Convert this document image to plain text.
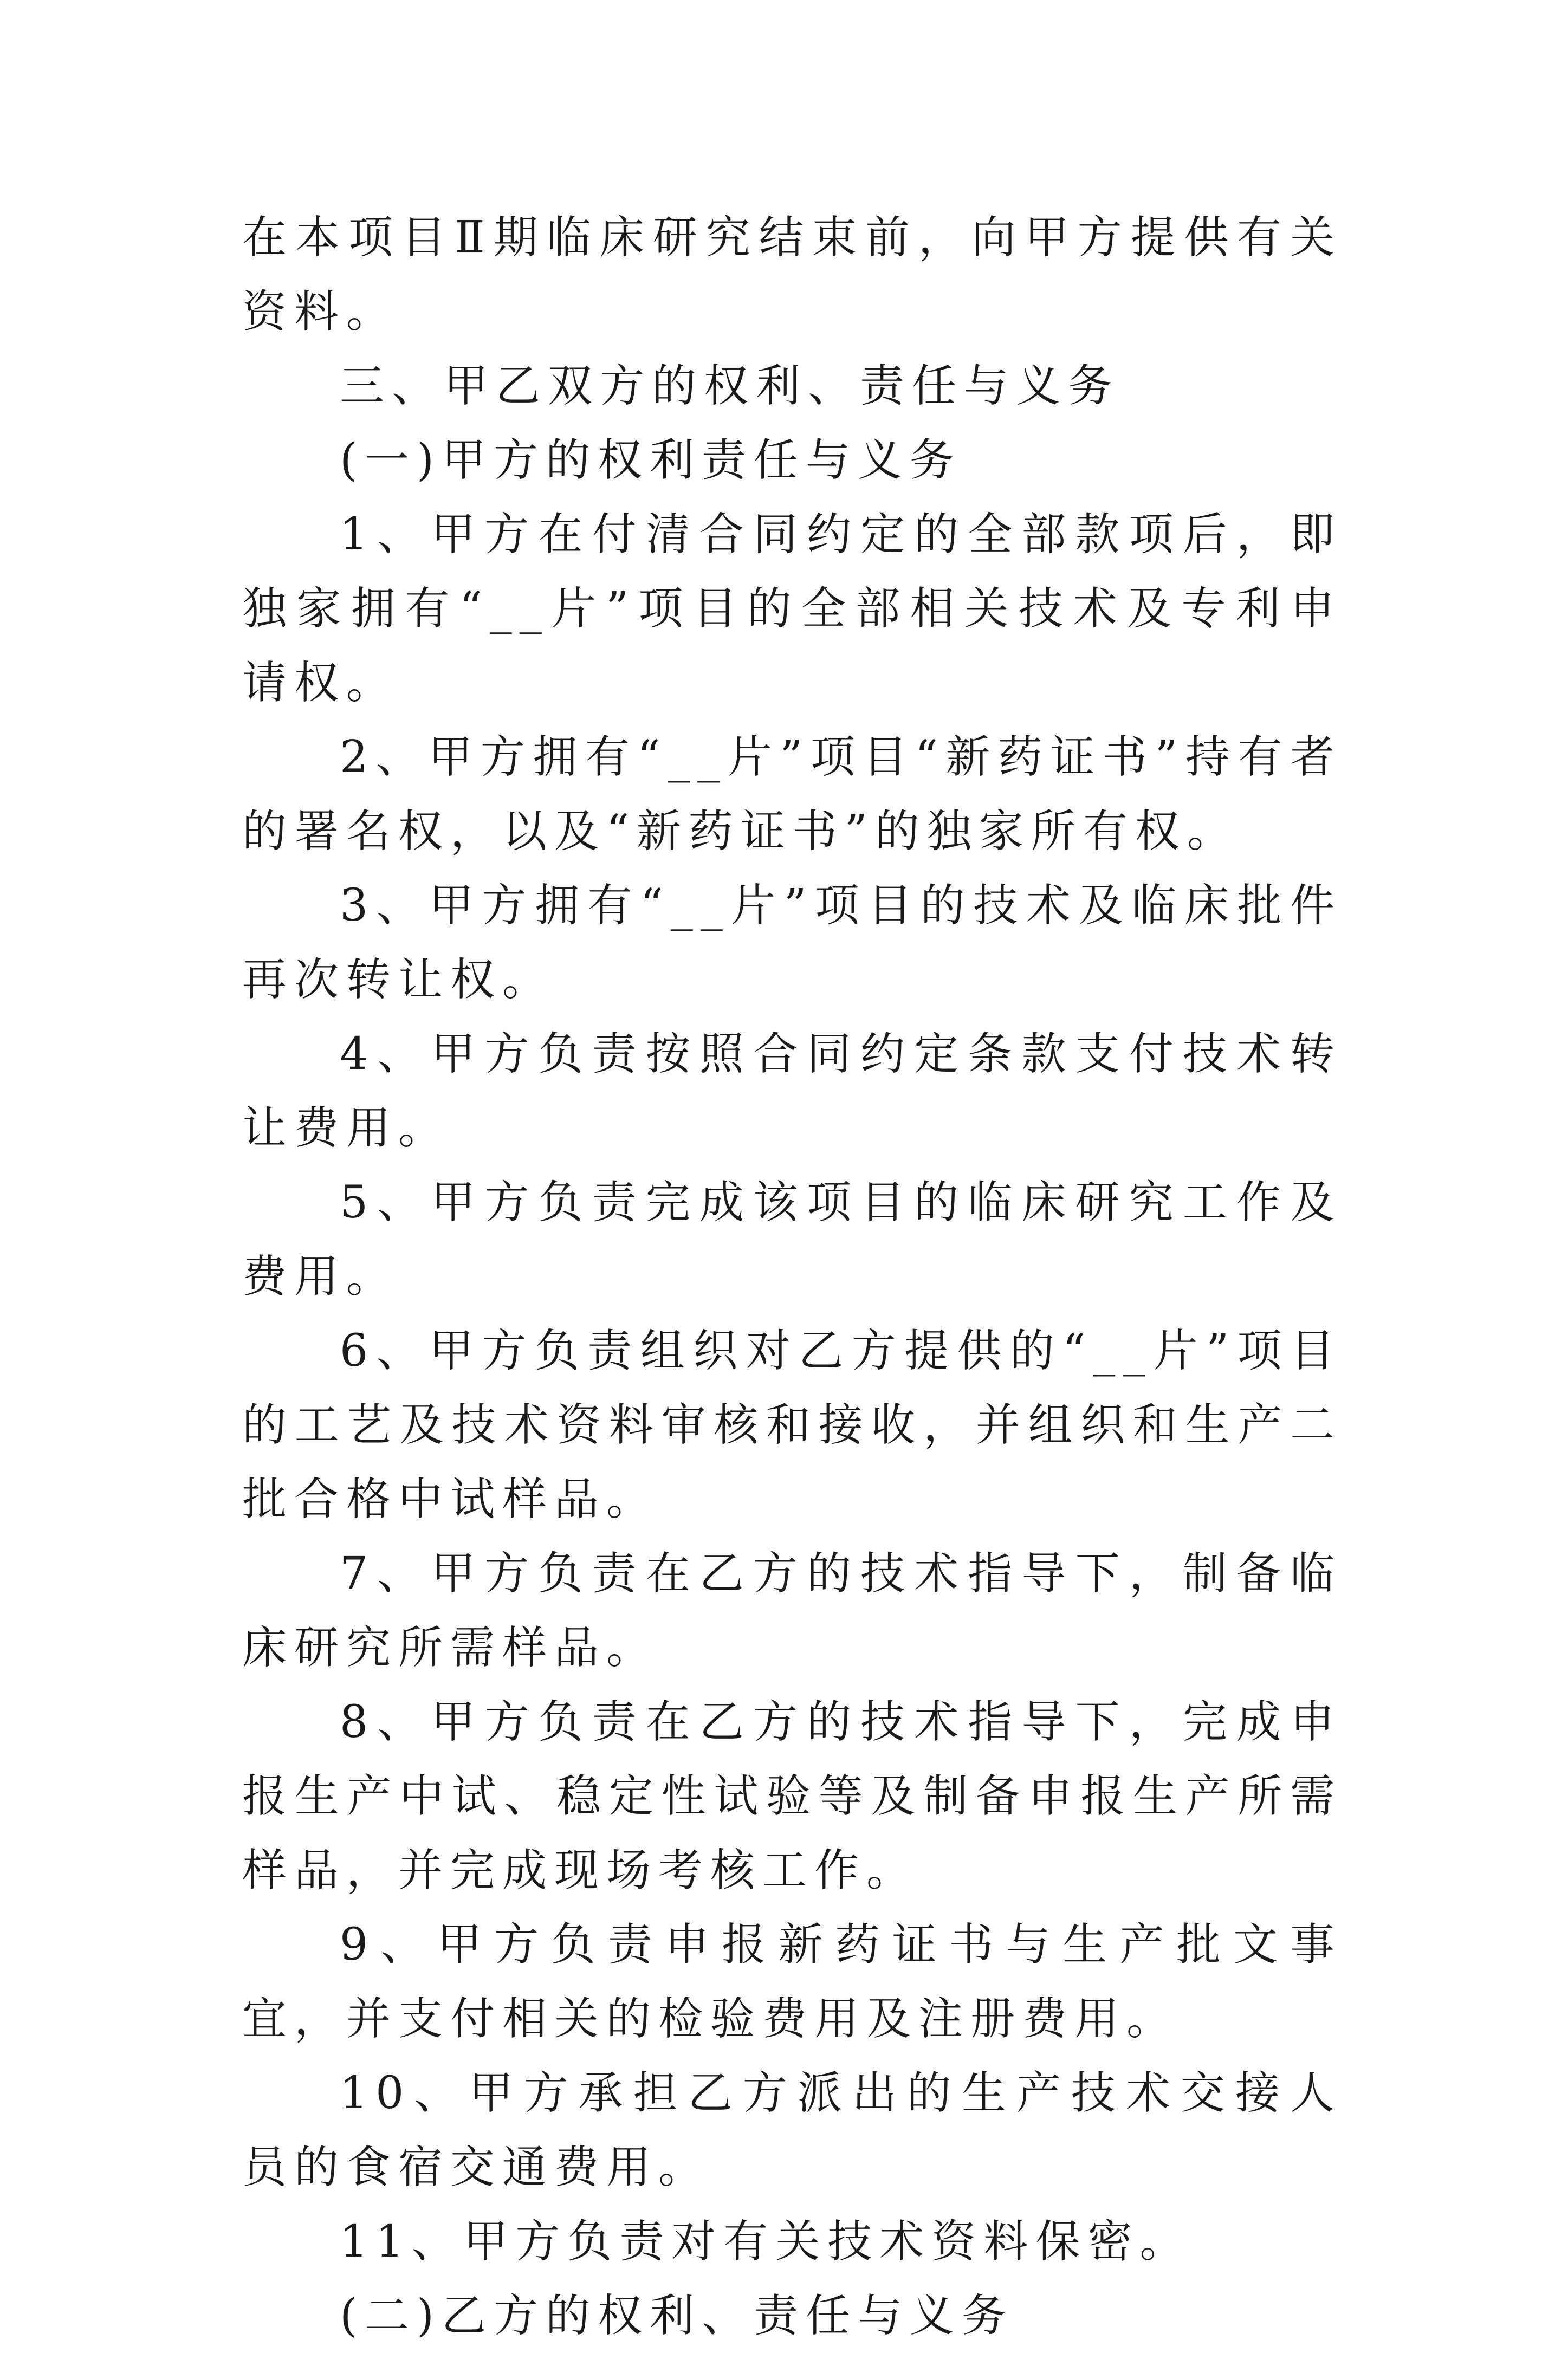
在本项目Ⅱ期临床研究结束前，向甲方提供有关资料。

三、甲乙双方的权利、责任与义务

(一)甲方的权利责任与义务

1、甲方在付清合同约定的全部款项后，即独家拥有“__片”项目的全部相关技术及专利申请权。

2、甲方拥有“__片”项目“新药证书”持有者的署名权，以及“新药证书”的独家所有权。

3、甲方拥有“__片”项目的技术及临床批件再次转让权。

4、甲方负责按照合同约定条款支付技术转让费用。

5、甲方负责完成该项目的临床研究工作及费用。

6、甲方负责组织对乙方提供的“__片”项目的工艺及技术资料审核和接收，并组织和生产二批合格中试样品。

7、甲方负责在乙方的技术指导下，制备临床研究所需样品。

8、甲方负责在乙方的技术指导下，完成申报生产中试、稳定性试验等及制备申报生产所需样品，并完成现场考核工作。

9、甲方负责申报新药证书与生产批文事宜，并支付相关的检验费用及注册费用。

10、甲方承担乙方派出的生产技术交接人员的食宿交通费用。

11、甲方负责对有关技术资料保密。

(二)乙方的权利、责任与义务
